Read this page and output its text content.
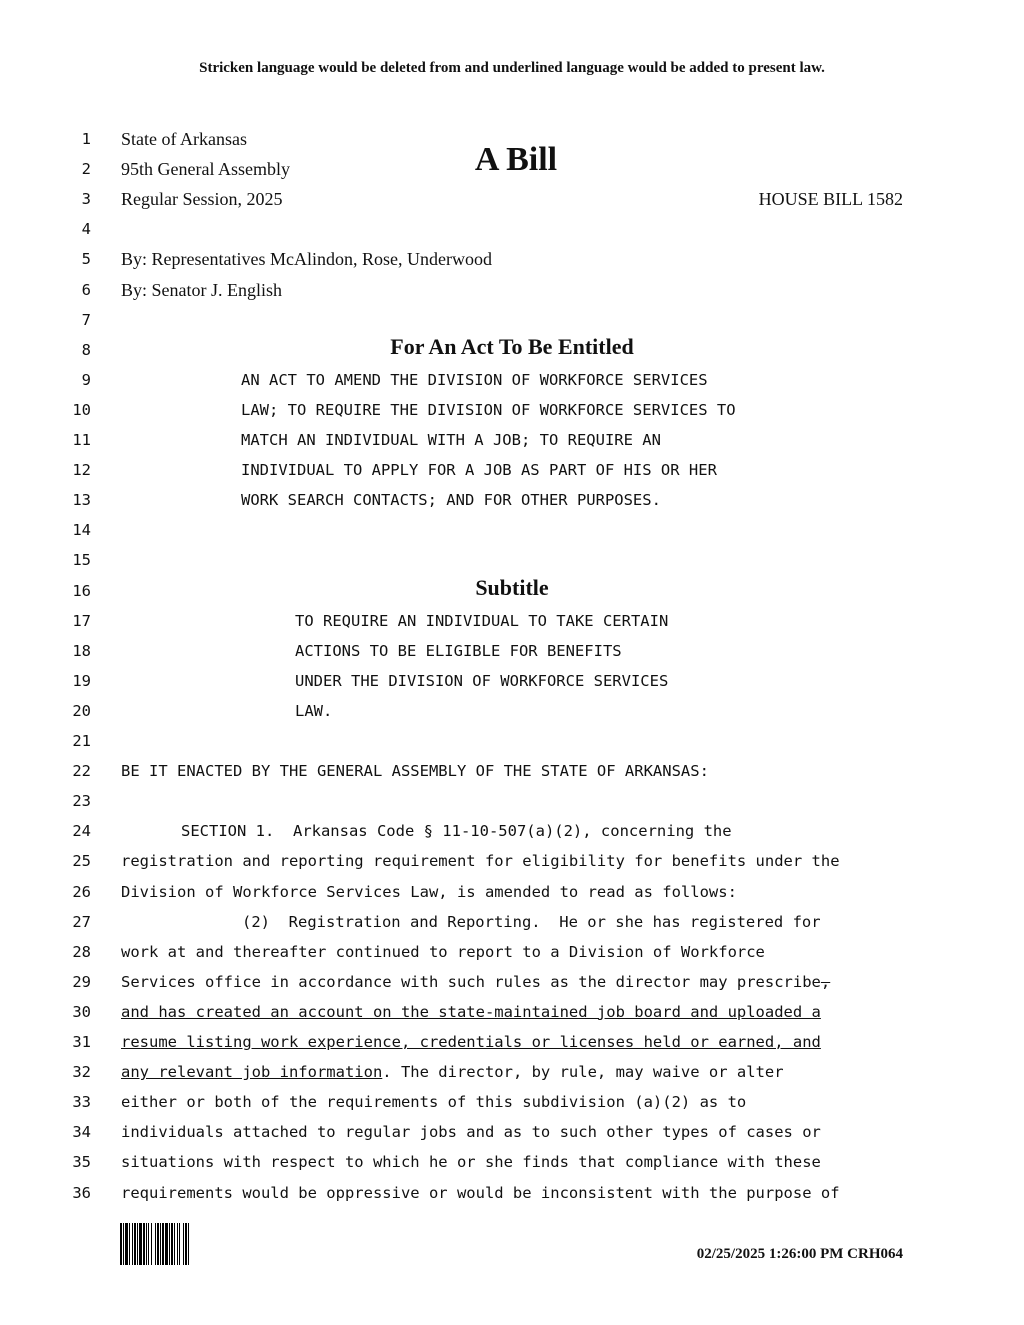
Stricken language would be deleted from and underlined language would be added to present law.
1 State of Arkansas
2 95th General Assembly
3 Regular Session, 2025
4
5 By: Representatives McAlindon, Rose, Underwood
6 By: Senator J. English
7
8
9	AN ACT TO AMEND THE DIVISION OF WORKFORCE SERVICES
10	LAW; TO REQUIRE THE DIVISION OF WORKFORCE SERVICES TO
11	MATCH AN INDIVIDUAL WITH A JOB; TO REQUIRE AN
12	INDIVIDUAL TO APPLY FOR A JOB AS PART OF HIS OR HER
13	WORK SEARCH CONTACTS; AND FOR OTHER PURPOSES.
14
15
16
17	TO REQUIRE AN INDIVIDUAL TO TAKE CERTAIN
18	ACTIONS TO BE ELIGIBLE FOR BENEFITS
19	UNDER THE DIVISION OF WORKFORCE SERVICES
20	LAW.
21
22 BE IT ENACTED BY THE GENERAL ASSEMBLY OF THE STATE OF ARKANSAS:
23
24	SECTION 1.  Arkansas Code § 11-10-507(a)(2), concerning the
25 registration and reporting requirement for eligibility for benefits under the
26 Division of Workforce Services Law, is amended to read as follows:
27	(2)  Registration and Reporting.  He or she has registered for
28 work at and thereafter continued to report to a Division of Workforce
29 Services office in accordance with such rules as the director may prescribe,
30 and has created an account on the state-maintained job board and uploaded a
31 resume listing work experience, credentials or licenses held or earned, and
32 any relevant job information. The director, by rule, may waive or alter
33 either or both of the requirements of this subdivision (a)(2) as to
34 individuals attached to regular jobs and as to such other types of cases or
35 situations with respect to which he or she finds that compliance with these
36 requirements would be oppressive or would be inconsistent with the purpose of
A Bill
HOUSE BILL 1582
For An Act To Be Entitled
Subtitle
02/25/2025 1:26:00 PM CRH064
